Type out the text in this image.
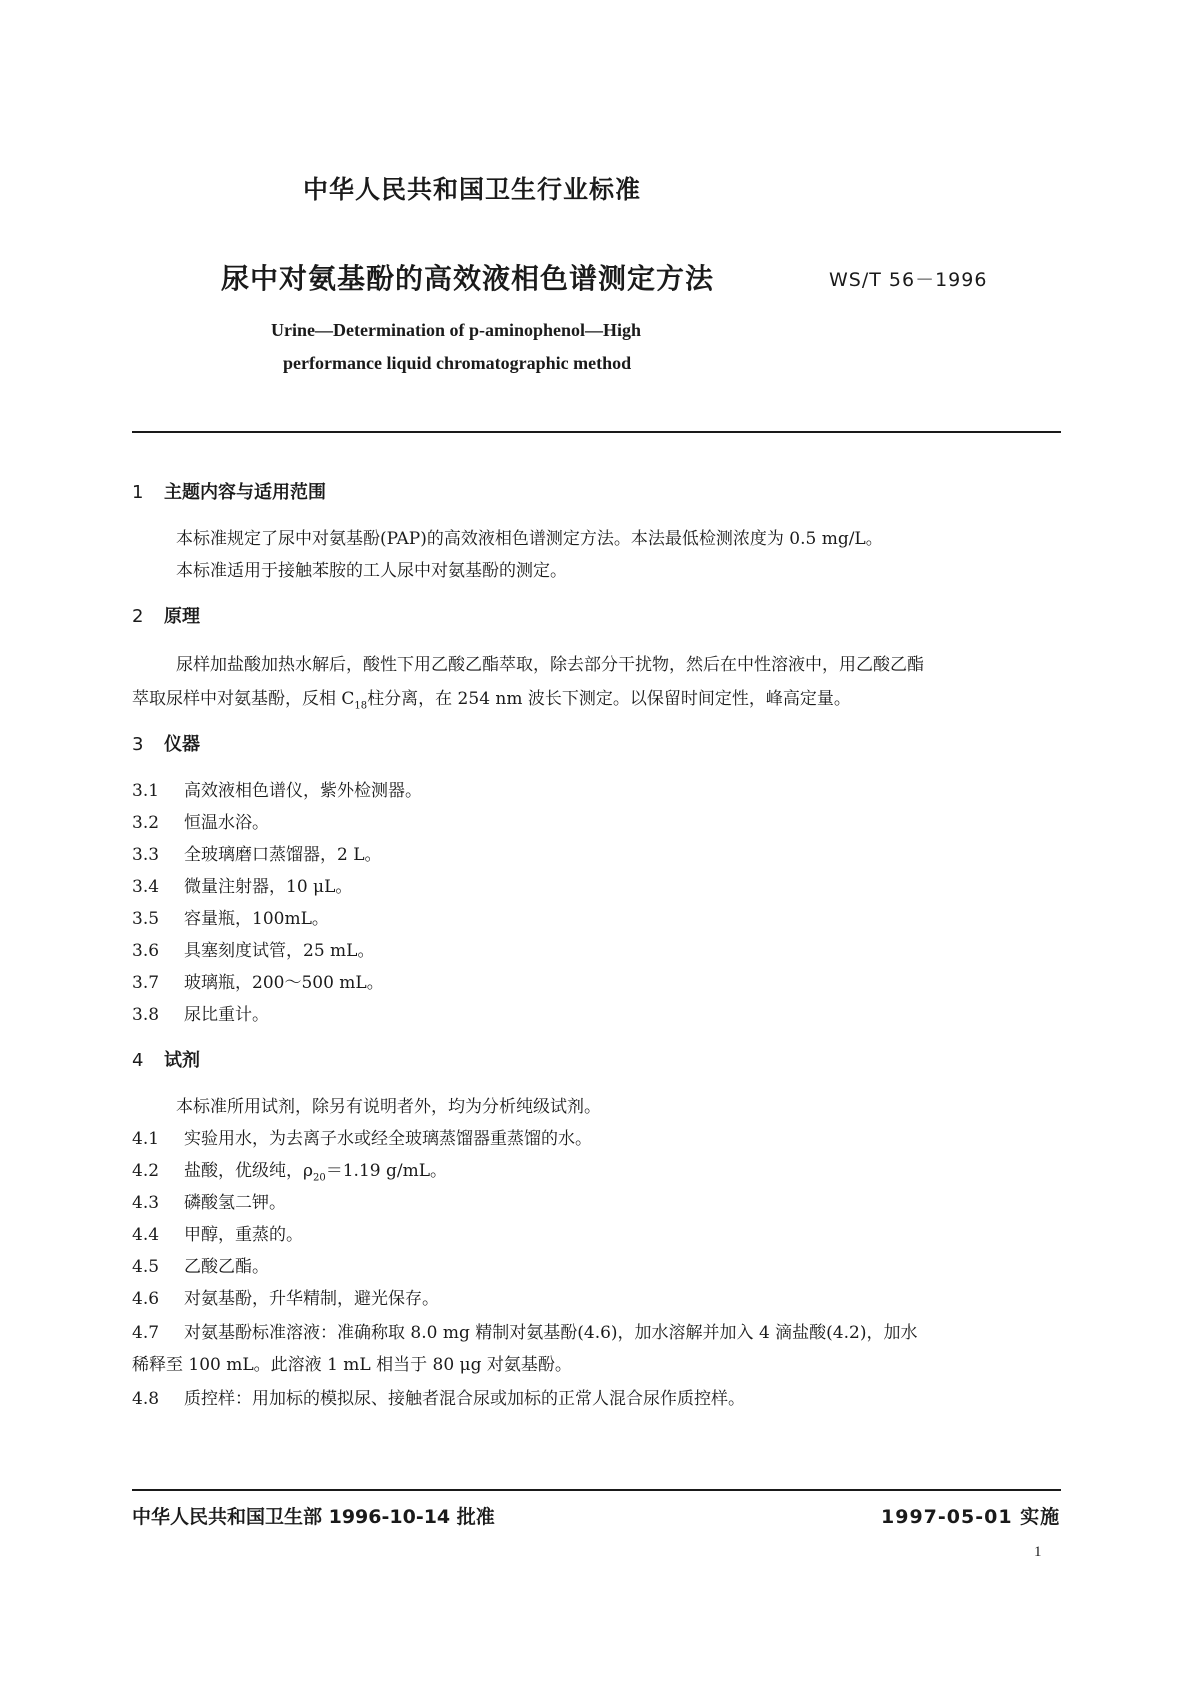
中华人民共和国卫生行业标准
尿中对氨基酚的高效液相色谱测定方法	WS/T 56－1996
Urine—Determination of p-aminophenol—High
performance liquid chromatographic method
1 主题内容与适用范围
本标准规定了尿中对氨基酚(PAP)的高效液相色谱测定方法。本法最低检测浓度为 0.5 mg/L。
本标准适用于接触苯胺的工人尿中对氨基酚的测定。
2 原理
尿样加盐酸加热水解后，酸性下用乙酸乙酯萃取，除去部分干扰物，然后在中性溶液中，用乙酸乙酯
萃取尿样中对氨基酚，反相 $C_{18}$柱分离，在 254 nm 波长下测定。以保留时间定性，峰高定量。
3 仪器
3.1 高效液相色谱仪，紫外检测器。
3.2 恒温水浴。
3.3 全玻璃磨口蒸馏器，2 L。
3.4 微量注射器，10 μL。
3.5 容量瓶，100mL。
3.6 具塞刻度试管，25 mL。
3.7 玻璃瓶，200～500 mL。
3.8 尿比重计。
4 试剂
本标准所用试剂，除另有说明者外，均为分析纯级试剂。
4.1 实验用水，为去离子水或经全玻璃蒸馏器重蒸馏的水。
4.2 盐酸，优级纯，$\rho_{20}=1.19$ g/mL。
4.3 磷酸氢二钾。
4.4 甲醇，重蒸的。
4.5 乙酸乙酯。
4.6 对氨基酚，升华精制，避光保存。
4.7 对氨基酚标准溶液：准确称取 8.0 mg 精制对氨基酚(4.6)，加水溶解并加入 4 滴盐酸(4.2)，加水
稀释至 100 mL。此溶液 1 mL 相当于 80 μg 对氨基酚。
4.8 质控样：用加标的模拟尿、接触者混合尿或加标的正常人混合尿作质控样。
中华人民共和国卫生部 1996-10-14 批准	1997-05-01 实施
1
